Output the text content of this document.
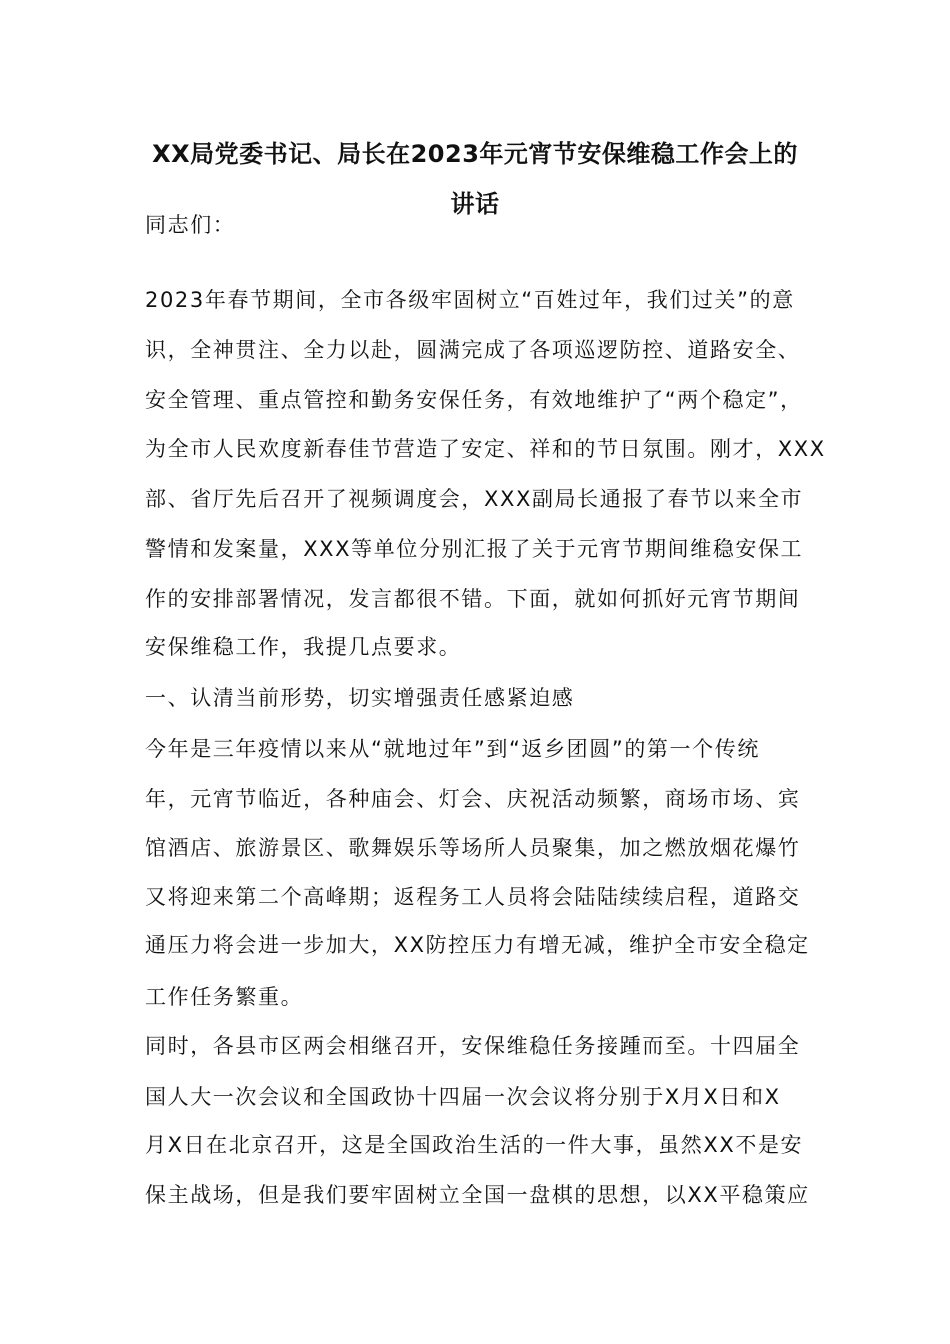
XX局党委书记、局长在2023年元宵节安保维稳工作会上的
讲话

同志们：

2023年春节期间，全市各级牢固树立“百姓过年，我们过关”的意

识，全神贯注、全力以赴，圆满完成了各项巡逻防控、道路安全、

安全管理、重点管控和勤务安保任务，有效地维护了“两个稳定”，

为全市人民欢度新春佳节营造了安定、祥和的节日氛围。刚才，XXX

部、省厅先后召开了视频调度会，XXX副局长通报了春节以来全市

警情和发案量，XXX等单位分别汇报了关于元宵节期间维稳安保工

作的安排部署情况，发言都很不错。下面，就如何抓好元宵节期间

安保维稳工作，我提几点要求。

一、认清当前形势，切实增强责任感紧迫感

今年是三年疫情以来从“就地过年”到“返乡团圆”的第一个传统

年，元宵节临近，各种庙会、灯会、庆祝活动频繁，商场市场、宾

馆酒店、旅游景区、歌舞娱乐等场所人员聚集，加之燃放烟花爆竹

又将迎来第二个高峰期；返程务工人员将会陆陆续续启程，道路交

通压力将会进一步加大，XX防控压力有增无减，维护全市安全稳定

工作任务繁重。

同时，各县市区两会相继召开，安保维稳任务接踵而至。十四届全

国人大一次会议和全国政协十四届一次会议将分别于X月X日和X

月X日在北京召开，这是全国政治生活的一件大事，虽然XX不是安

保主战场，但是我们要牢固树立全国一盘棋的思想，以XX平稳策应
